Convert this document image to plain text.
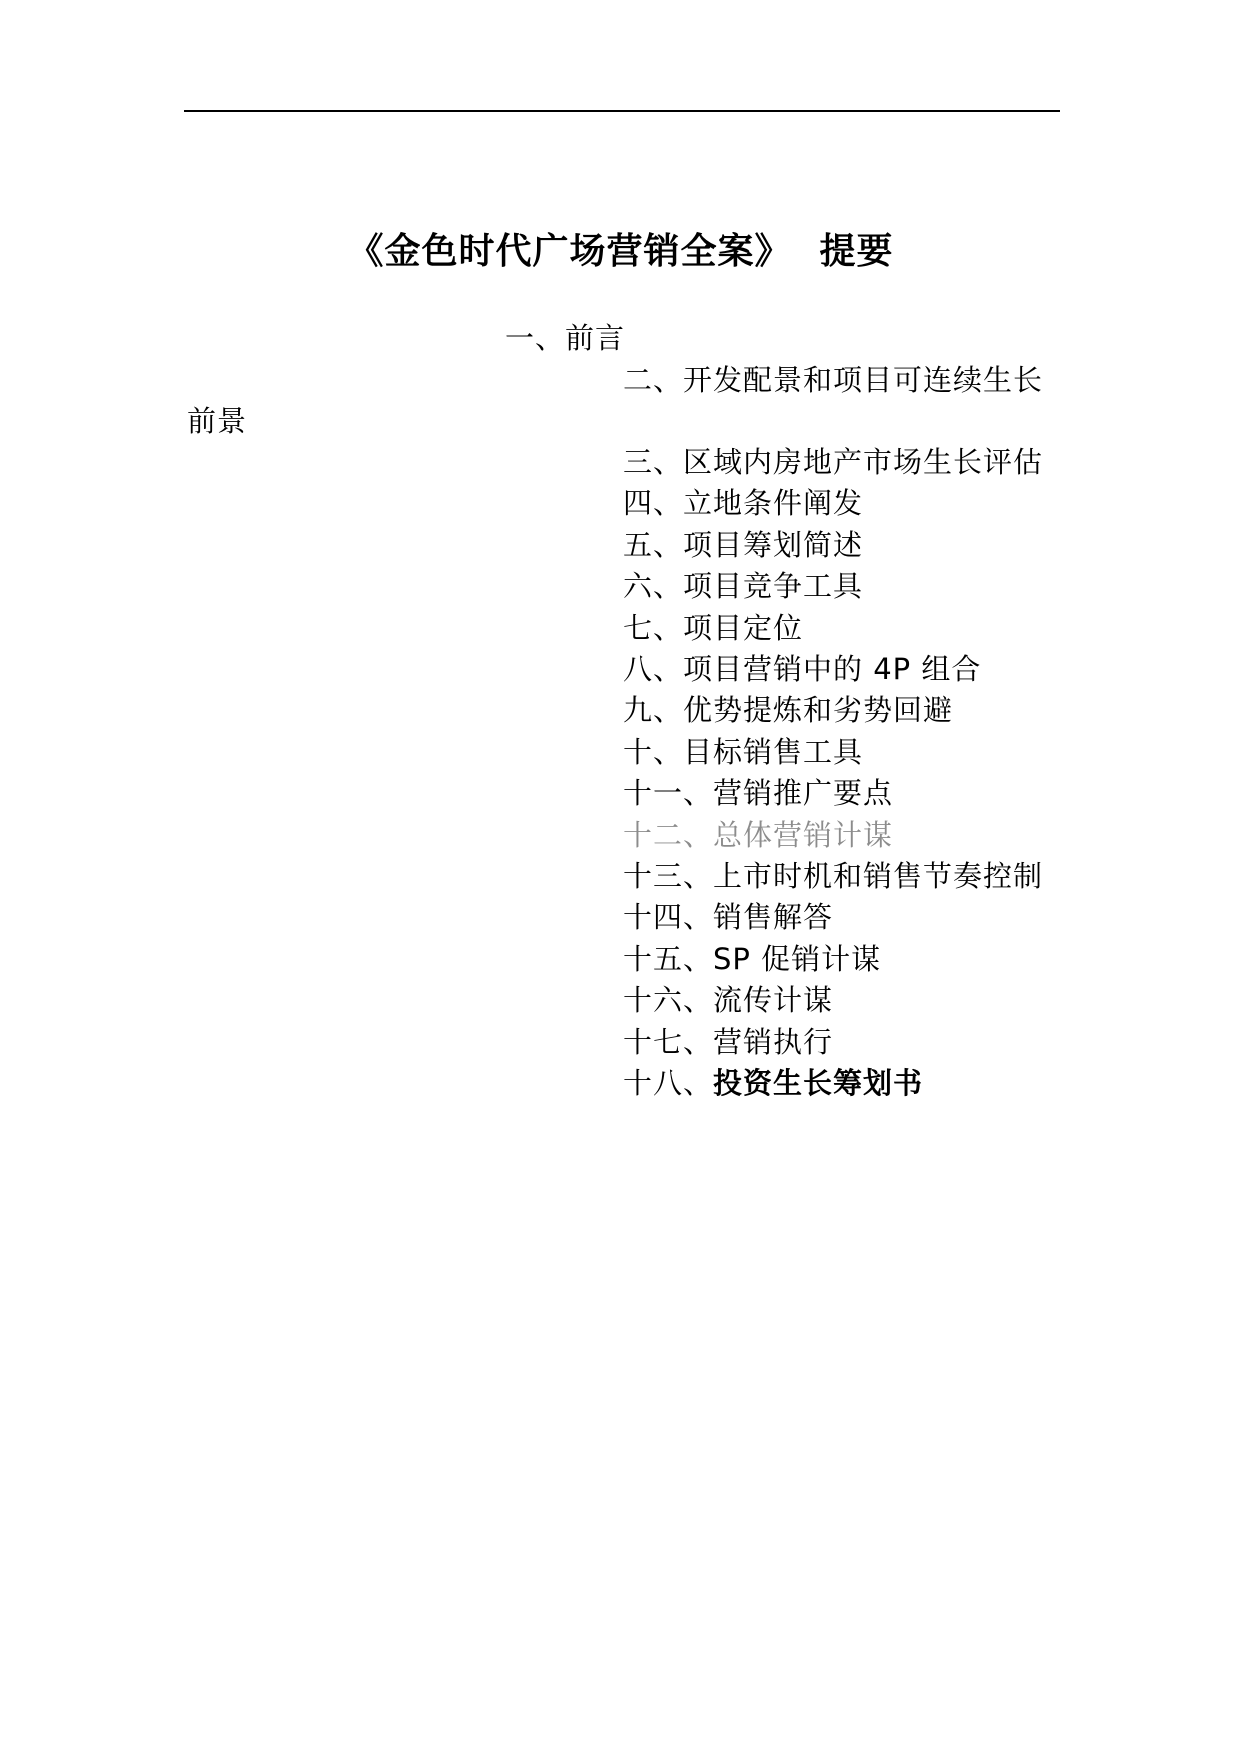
《金色时代广场营销全案》 提要
一、前言
二、开发配景和项目可连续生长
前景
三、区域内房地产市场生长评估
四、立地条件阐发
五、项目筹划简述
六、项目竞争工具
七、项目定位
八、项目营销中的 4P 组合
九、优势提炼和劣势回避
十、目标销售工具
十一、营销推广要点
十二、总体营销计谋
十三、上市时机和销售节奏控制
十四、销售解答
十五、SP 促销计谋
十六、流传计谋
十七、营销执行
十八、投资生长筹划书
